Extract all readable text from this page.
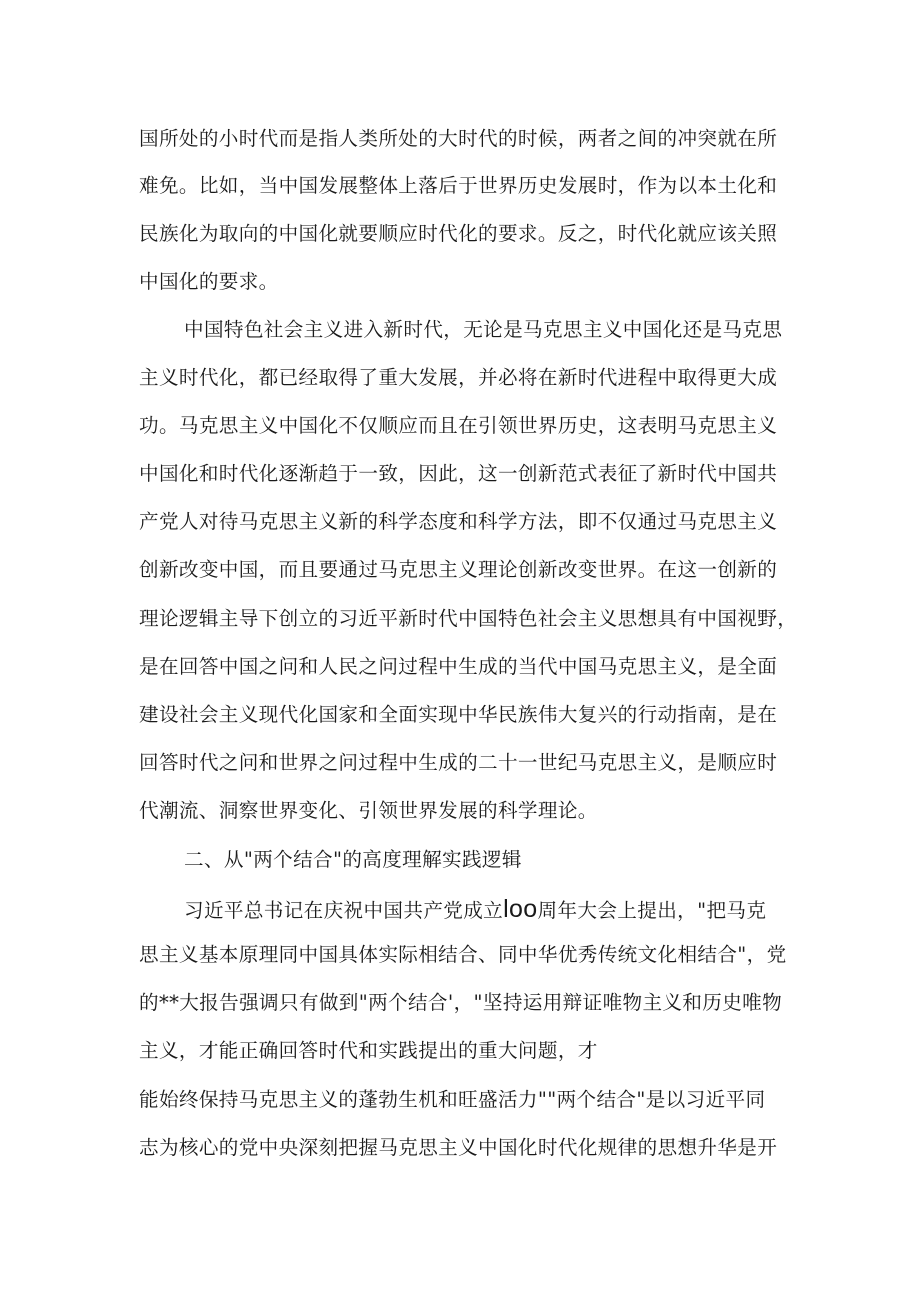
国所处的小时代而是指人类所处的大时代的时候，两者之间的冲突就在所
难免。比如，当中国发展整体上落后于世界历史发展时，作为以本土化和
民族化为取向的中国化就要顺应时代化的要求。反之，时代化就应该关照
中国化的要求。
中国特色社会主义进入新时代，无论是马克思主义中国化还是马克思
主义时代化，都已经取得了重大发展，并必将在新时代进程中取得更大成
功。马克思主义中国化不仅顺应而且在引领世界历史，这表明马克思主义
中国化和时代化逐渐趋于一致，因此，这一创新范式表征了新时代中国共
产党人对待马克思主义新的科学态度和科学方法，即不仅通过马克思主义
创新改变中国，而且要通过马克思主义理论创新改变世界。在这一创新的
理论逻辑主导下创立的习近平新时代中国特色社会主义思想具有中国视野，
是在回答中国之问和人民之问过程中生成的当代中国马克思主义，是全面
建设社会主义现代化国家和全面实现中华民族伟大复兴的行动指南，是在
回答时代之问和世界之问过程中生成的二十一世纪马克思主义，是顺应时
代潮流、洞察世界变化、引领世界发展的科学理论。
二、从"两个结合"的高度理解实践逻辑
习近平总书记在庆祝中国共产党成立loo周年大会上提出，"把马克
思主义基本原理同中国具体实际相结合、同中华优秀传统文化相结合"，党
的**大报告强调只有做到"两个结合'，"坚持运用辩证唯物主义和历史唯物
主义，才能正确回答时代和实践提出的重大问题，才
能始终保持马克思主义的蓬勃生机和旺盛活力""两个结合"是以习近平同
志为核心的党中央深刻把握马克思主义中国化时代化规律的思想升华是开
